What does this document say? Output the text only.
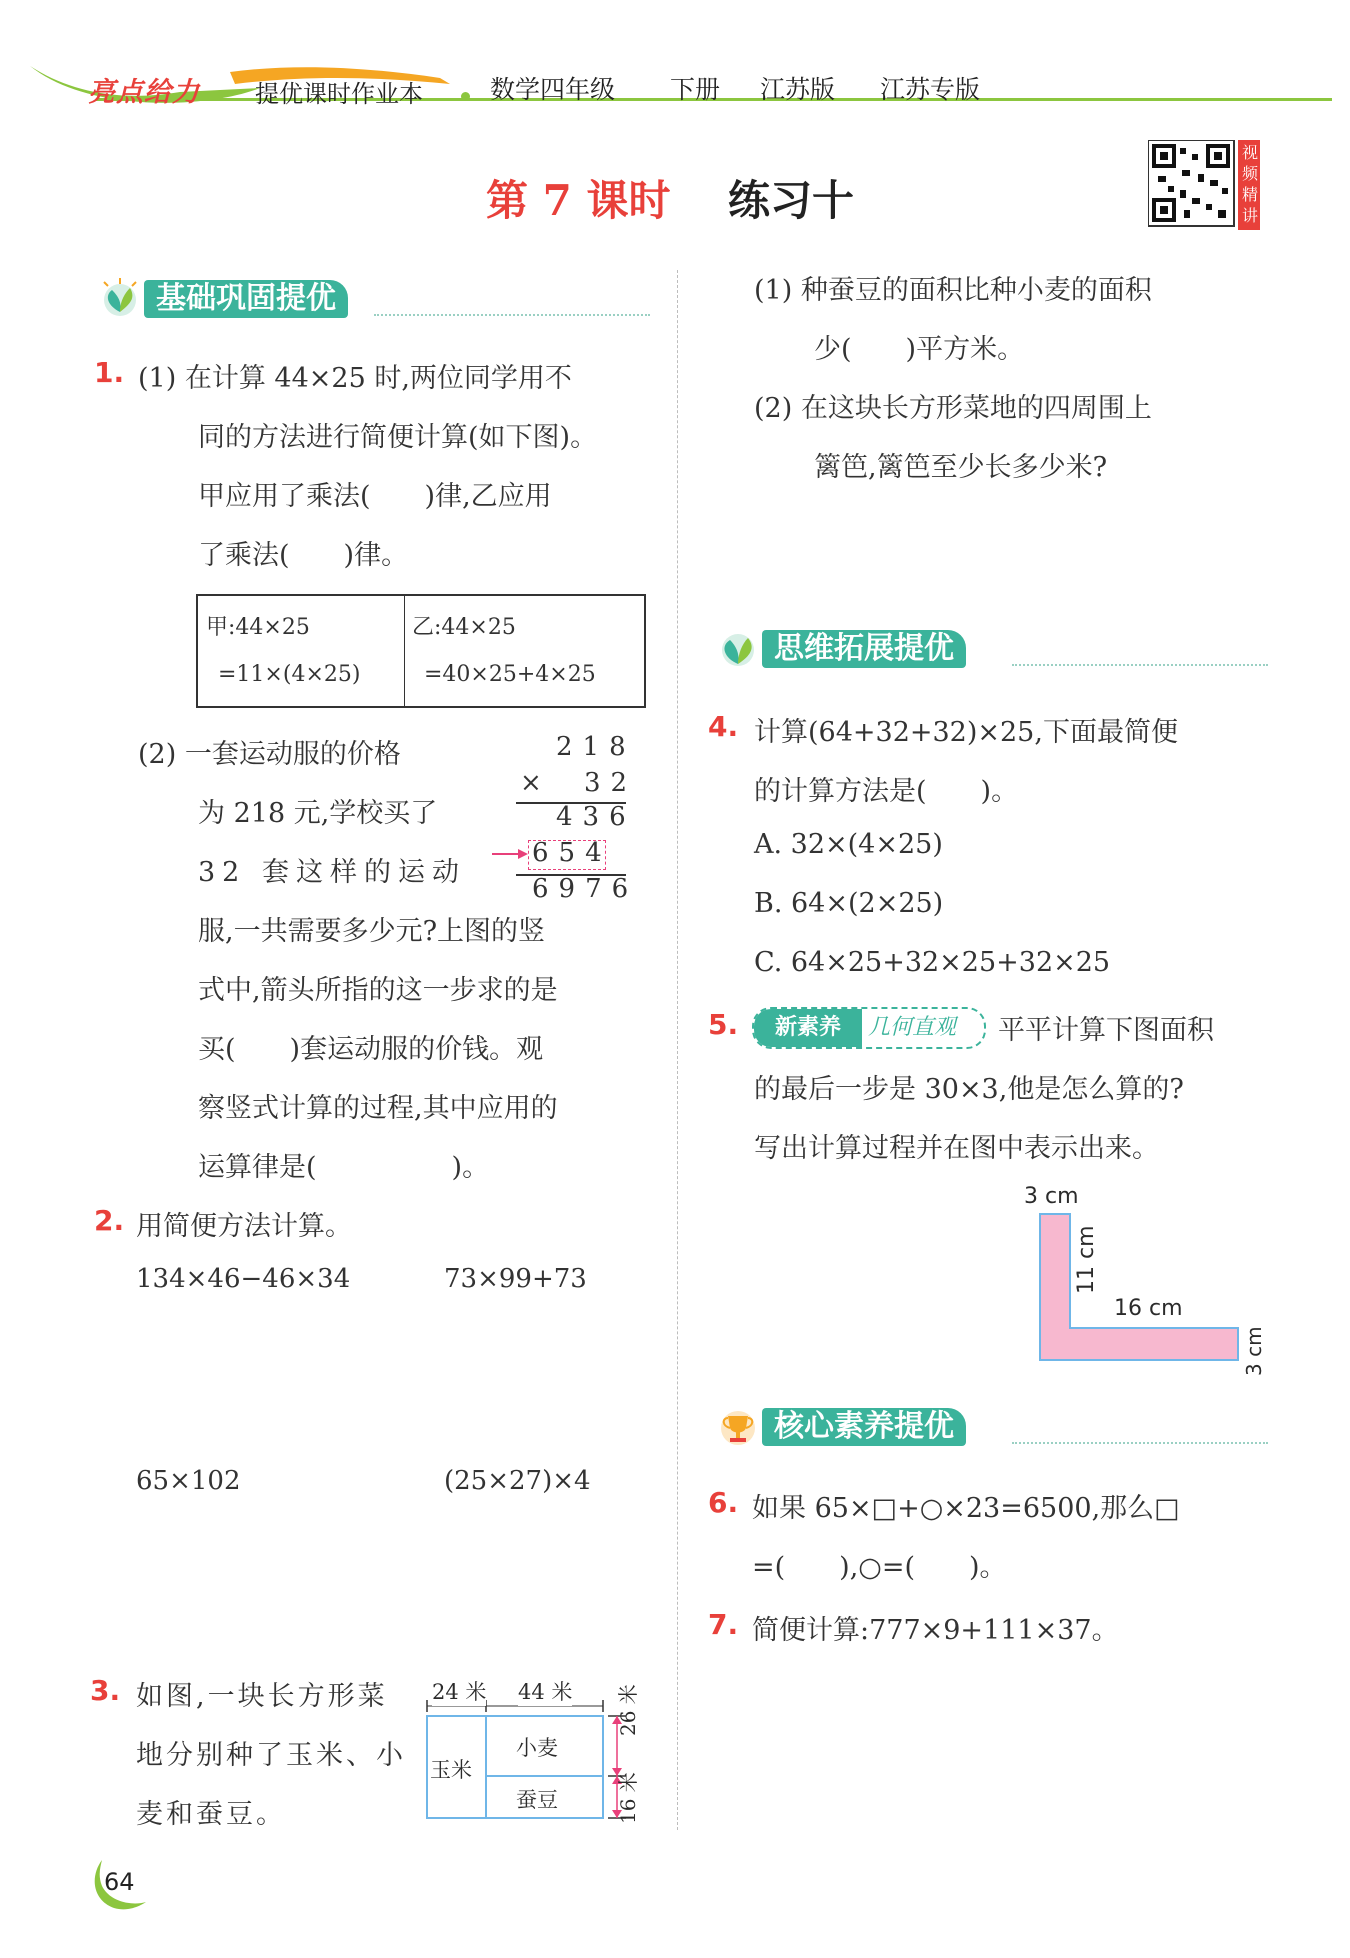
亮点给力 提优课时作业本	数学四年级 下册 江苏版 江苏专版
第 7 课时 练习十
视频精讲
基础巩固提优
1. (1) 在计算 44×25 时,两位同学用不
同的方法进行简便计算(如下图)。
甲应用了乘法(　　)律,乙应用
了乘法(　　)律。
甲:44×25
=11×(4×25)
乙:44×25
=40×25+4×25
(2) 一套运动服的价格
为 218 元,学校买了
32 套这样的运动
服,一共需要多少元?上图的竖
式中,箭头所指的这一步求的是
买(　　)套运动服的价钱。观
察竖式计算的过程,其中应用的
运算律是(　　　　　)。
218
× 32
436
654
6976
2. 用简便方法计算。
134×46−46×34	73×99+73
65×102	(25×27)×4
3. 如图,一块长方形菜
地分别种了玉米、小
麦和蚕豆。
24 米 44 米
玉米
小麦
蚕豆
26 米
16 米
(1) 种蚕豆的面积比种小麦的面积
少(　　)平方米。
(2) 在这块长方形菜地的四周围上
篱笆,篱笆至少长多少米?
思维拓展提优
4. 计算(64+32+32)×25,下面最简便
的计算方法是(　　)。
A. 32×(4×25)
B. 64×(2×25)
C. 64×25+32×25+32×25
5.	新素养	几何直观 平平计算下图面积
的最后一步是 30×3,他是怎么算的?
写出计算过程并在图中表示出来。
3 cm
11 cm
16 cm
3 cm
核心素养提优
6. 如果 65×□+○×23=6500,那么□
=(　　),○=(　　)。
7. 简便计算:777×9+111×37。
64
